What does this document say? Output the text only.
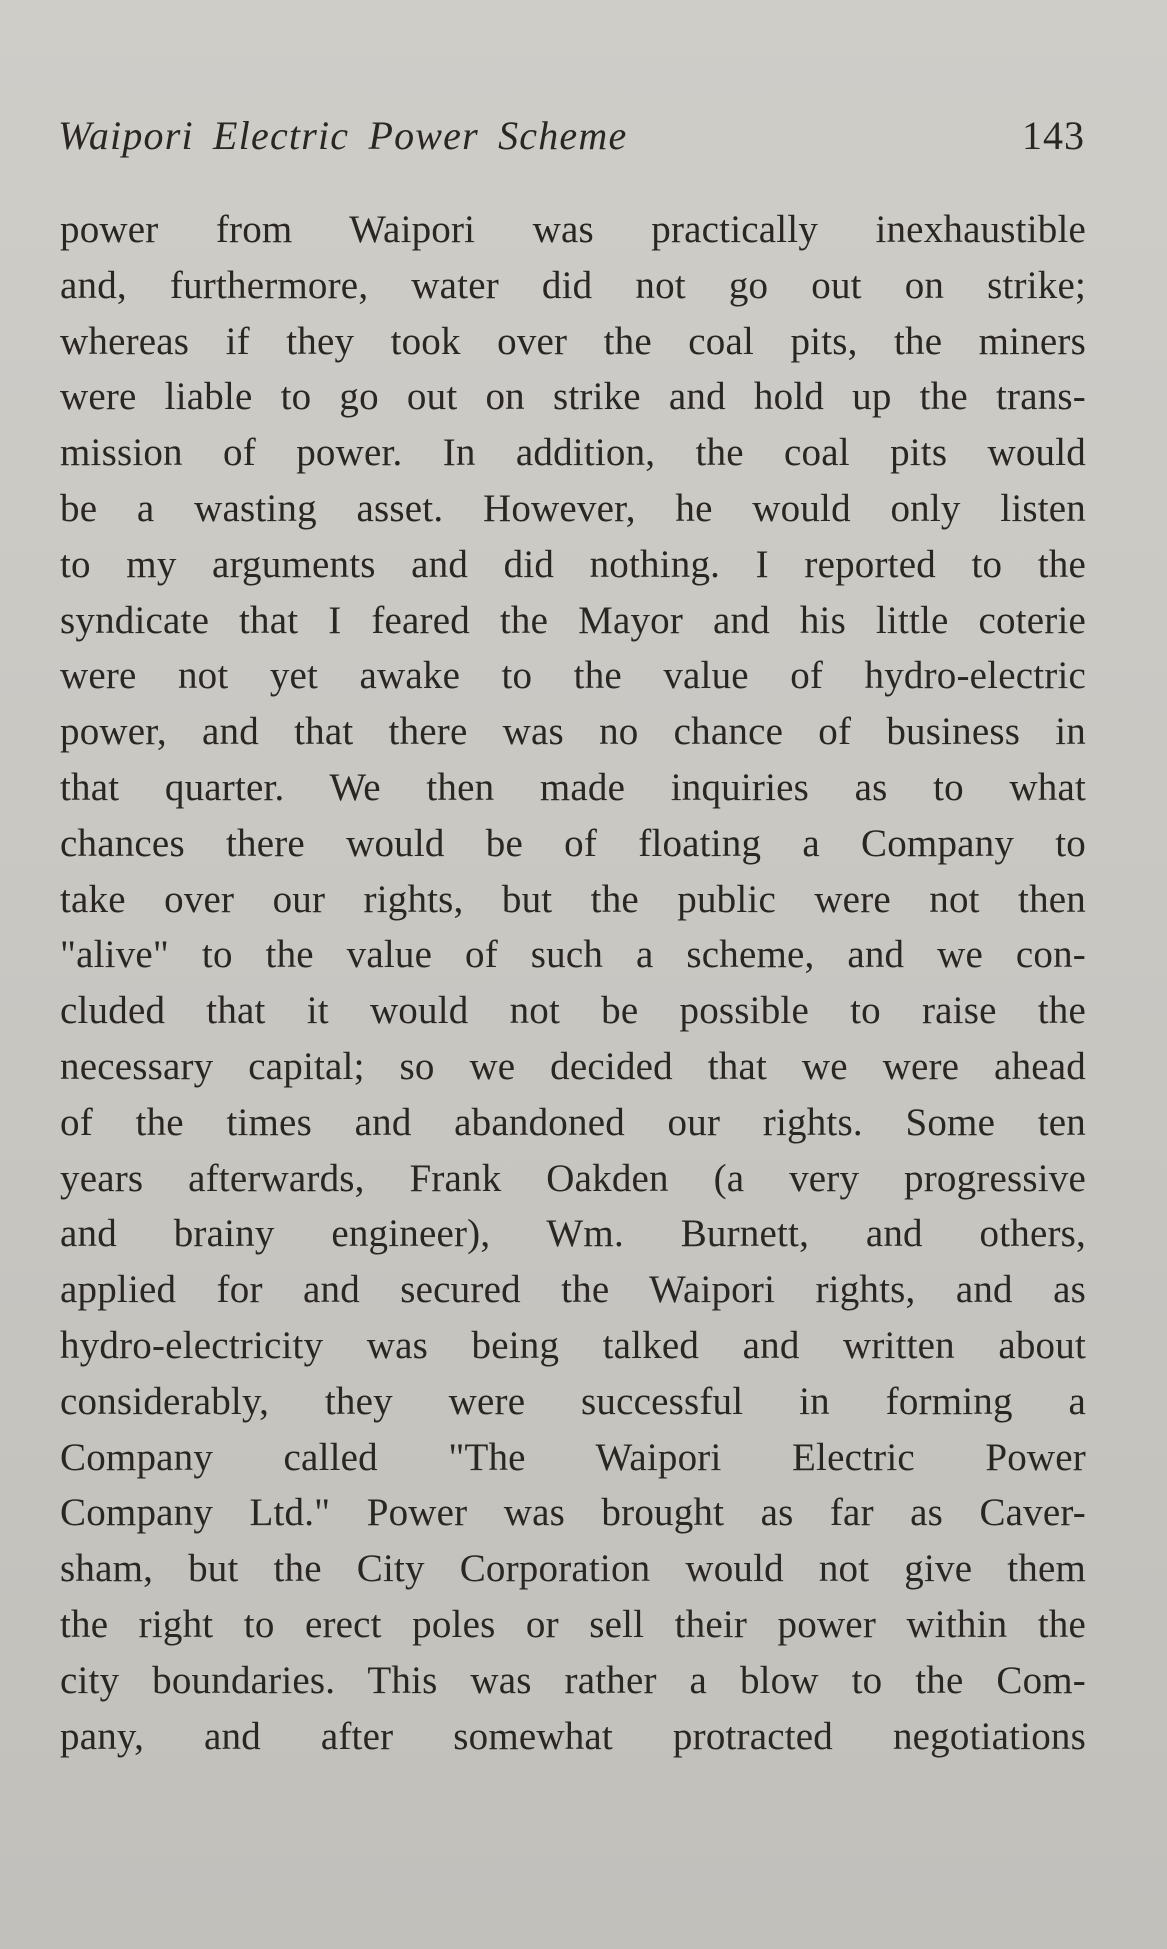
Waipori Electric Power Scheme	143
power from Waipori was practically inexhaustible
and, furthermore, water did not go out on strike;
whereas if they took over the coal pits, the miners
were liable to go out on strike and hold up the trans-
mission of power. In addition, the coal pits would
be a wasting asset. However, he would only listen
to my arguments and did nothing. I reported to the
syndicate that I feared the Mayor and his little coterie
were not yet awake to the value of hydro-electric
power, and that there was no chance of business in
that quarter. We then made inquiries as to what
chances there would be of floating a Company to
take over our rights, but the public were not then
"alive" to the value of such a scheme, and we con-
cluded that it would not be possible to raise the
necessary capital; so we decided that we were ahead
of the times and abandoned our rights. Some ten
years afterwards, Frank Oakden (a very progressive
and brainy engineer), Wm. Burnett, and others,
applied for and secured the Waipori rights, and as
hydro-electricity was being talked and written about
considerably, they were successful in forming a
Company called "The Waipori Electric Power
Company Ltd." Power was brought as far as Caver-
sham, but the City Corporation would not give them
the right to erect poles or sell their power within the
city boundaries. This was rather a blow to the Com-
pany, and after somewhat protracted negotiations
